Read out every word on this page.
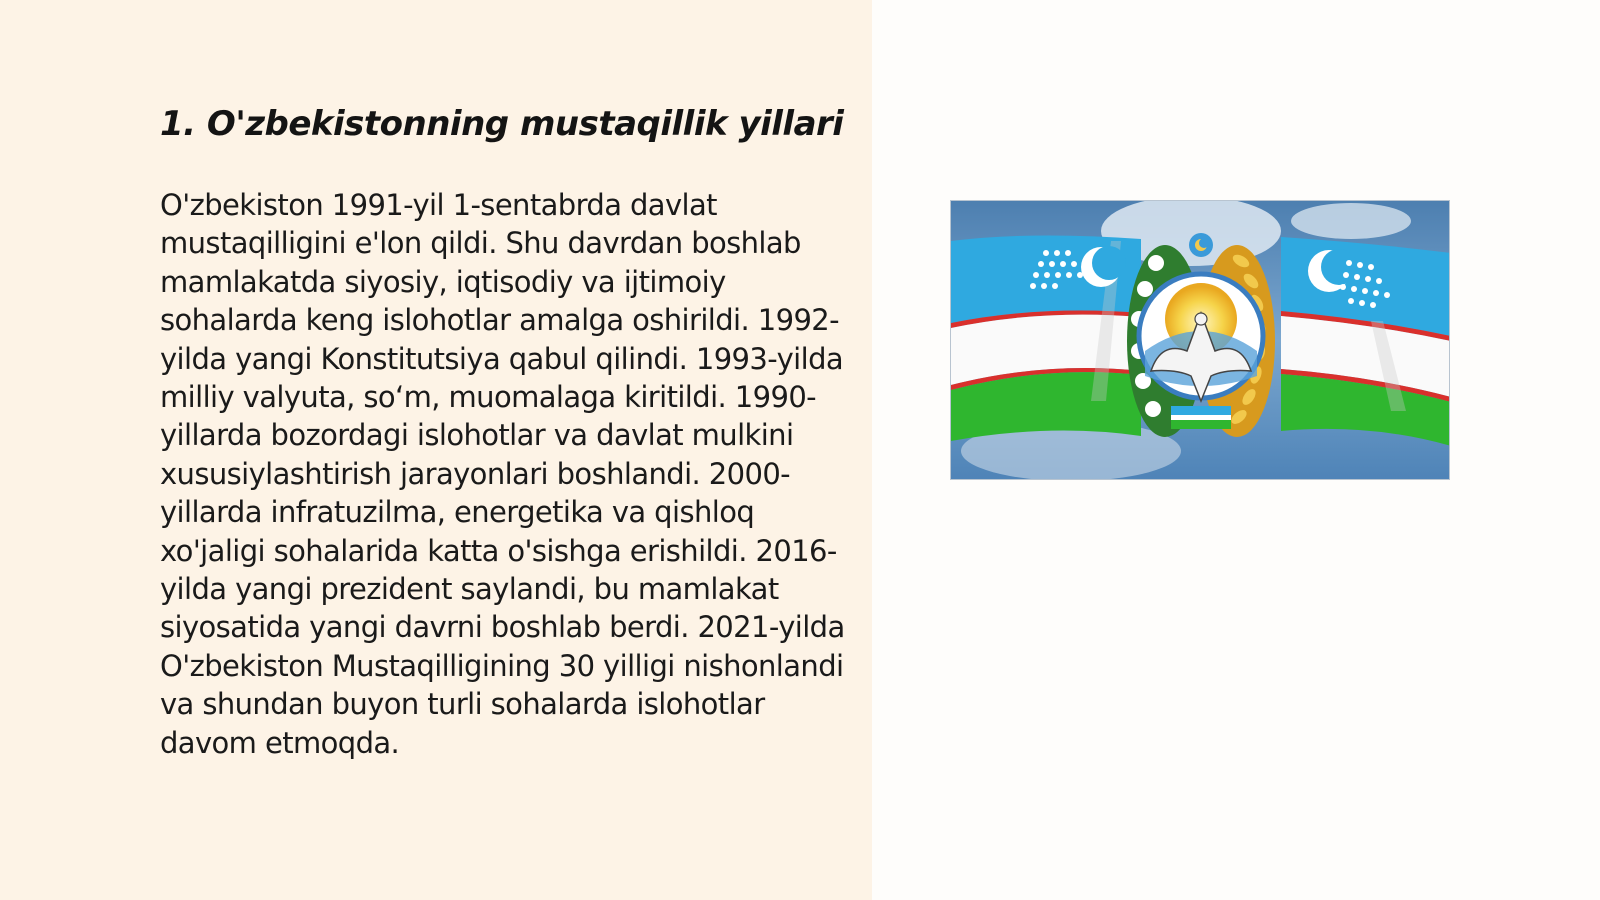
1. O'zbekistonning mustaqillik yillari

O'zbekiston 1991-yil 1-sentabrda davlat mustaqilligini e'lon qildi. Shu davrdan boshlab mamlakatda siyosiy, iqtisodiy va ijtimoiy sohalarda keng islohotlar amalga oshirildi. 1992-yilda yangi Konstitutsiya qabul qilindi. 1993-yilda milliy valyuta, so‘m, muomalaga kiritildi. 1990-yillarda bozordagi islohotlar va davlat mulkini xususiylashtirish jarayonlari boshlandi. 2000-yillarda infratuzilma, energetika va qishloq xo'jaligi sohalarida katta o'sishga erishildi. 2016-yilda yangi prezident saylandi, bu mamlakat siyosatida yangi davrni boshlab berdi. 2021-yilda O'zbekiston Mustaqilligining 30 yilligi nishonlandi va shundan buyon turli sohalarda islohotlar davom etmoqda.
